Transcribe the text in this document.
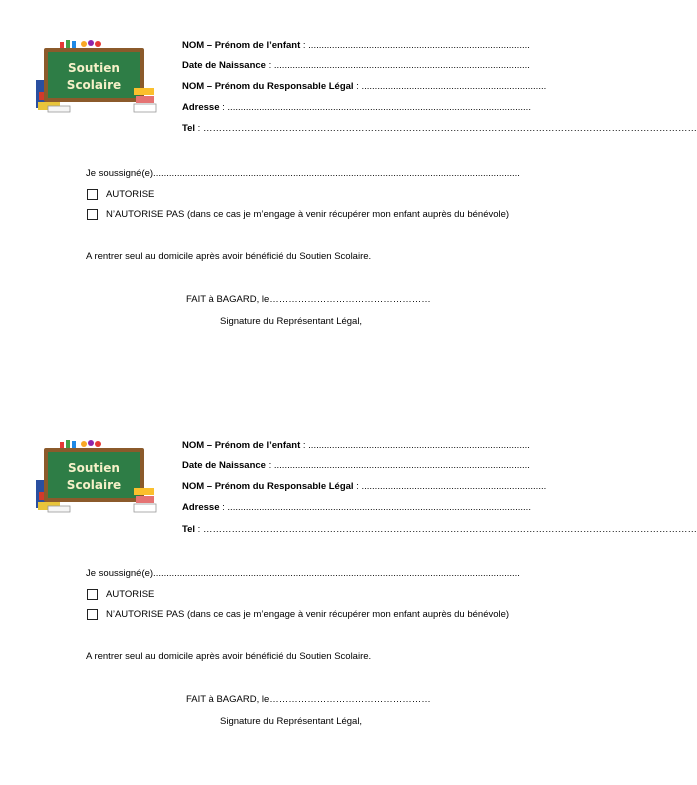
Soutien
Scolaire
NOM – Prénom de l’enfant : ....................................................................................
Date de Naissance : .................................................................................................
NOM – Prénom du Responsable Légal : ......................................................................
Adresse : ...................................................................................................................
Tel : …………………………………………………………………………………………………………………………………………
Je soussigné(e)...........................................................................................................................................
AUTORISE
N’AUTORISE PAS (dans ce cas je m’engage à venir récupérer mon enfant auprès du bénévole)
A rentrer seul au domicile après avoir bénéficié du Soutien Scolaire.
FAIT à BAGARD, le……………………………………………
Signature du Représentant Légal,
Soutien
Scolaire
NOM – Prénom de l’enfant : ....................................................................................
Date de Naissance : .................................................................................................
NOM – Prénom du Responsable Légal : ......................................................................
Adresse : ...................................................................................................................
Tel : …………………………………………………………………………………………………………………………………………
Je soussigné(e)...........................................................................................................................................
AUTORISE
N’AUTORISE PAS (dans ce cas je m’engage à venir récupérer mon enfant auprès du bénévole)
A rentrer seul au domicile après avoir bénéficié du Soutien Scolaire.
FAIT à BAGARD, le……………………………………………
Signature du Représentant Légal,
